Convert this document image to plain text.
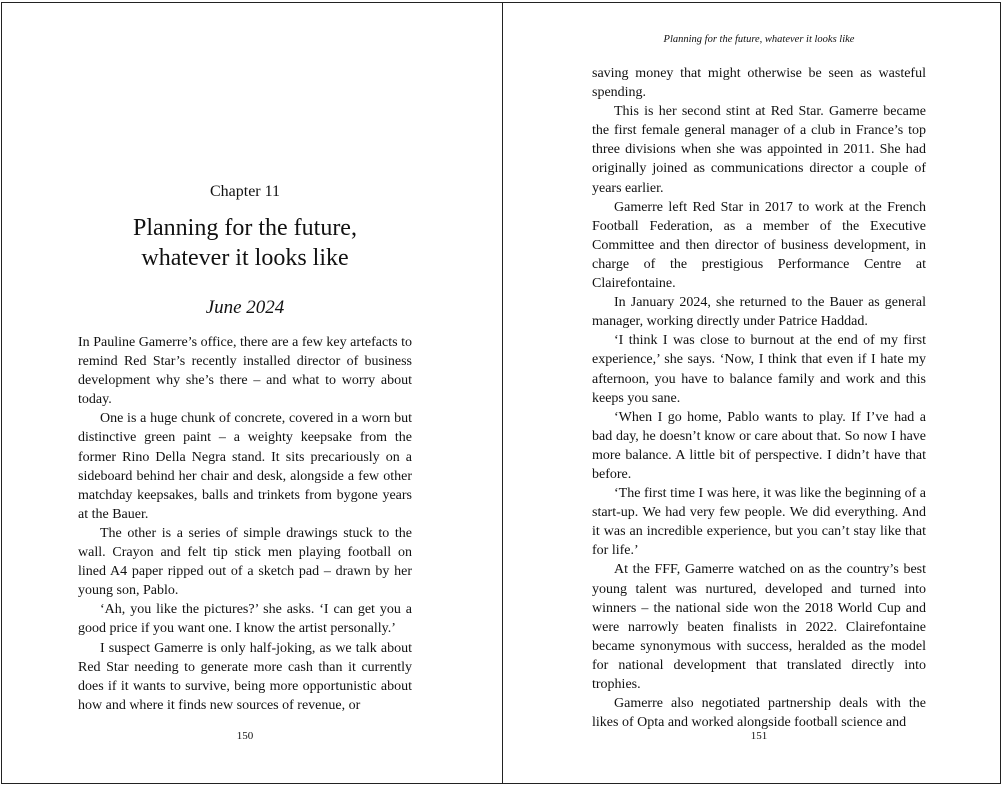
Chapter 11
Planning for the future,
whatever it looks like
June 2024

In Pauline Gamerre’s office, there are a few key artefacts to remind Red Star’s recently installed director of business development why she’s there – and what to worry about today.

One is a huge chunk of concrete, covered in a worn but distinctive green paint – a weighty keepsake from the former Rino Della Negra stand. It sits precariously on a sideboard behind her chair and desk, alongside a few other matchday keepsakes, balls and trinkets from bygone years at the Bauer.

The other is a series of simple drawings stuck to the wall. Crayon and felt tip stick men playing football on lined A4 paper ripped out of a sketch pad – drawn by her young son, Pablo.

‘Ah, you like the pictures?’ she asks. ‘I can get you a good price if you want one. I know the artist personally.’

I suspect Gamerre is only half-joking, as we talk about Red Star needing to generate more cash than it currently does if it wants to survive, being more opportunistic about how and where it finds new sources of revenue, or

150
Planning for the future, whatever it looks like

saving money that might otherwise be seen as wasteful spending.

This is her second stint at Red Star. Gamerre became the first female general manager of a club in France’s top three divisions when she was appointed in 2011. She had originally joined as communications director a couple of years earlier.

Gamerre left Red Star in 2017 to work at the French Football Federation, as a member of the Executive Committee and then director of business development, in charge of the prestigious Performance Centre at Clairefontaine.

In January 2024, she returned to the Bauer as general manager, working directly under Patrice Haddad.

‘I think I was close to burnout at the end of my first experience,’ she says. ‘Now, I think that even if I hate my afternoon, you have to balance family and work and this keeps you sane.

‘When I go home, Pablo wants to play. If I’ve had a bad day, he doesn’t know or care about that. So now I have more balance. A little bit of perspective. I didn’t have that before.

‘The first time I was here, it was like the beginning of a start-up. We had very few people. We did everything. And it was an incredible experience, but you can’t stay like that for life.’

At the FFF, Gamerre watched on as the country’s best young talent was nurtured, developed and turned into winners – the national side won the 2018 World Cup and were narrowly beaten finalists in 2022. Clairefontaine became synonymous with success, heralded as the model for national development that translated directly into trophies.

Gamerre also negotiated partnership deals with the likes of Opta and worked alongside football science and

151
